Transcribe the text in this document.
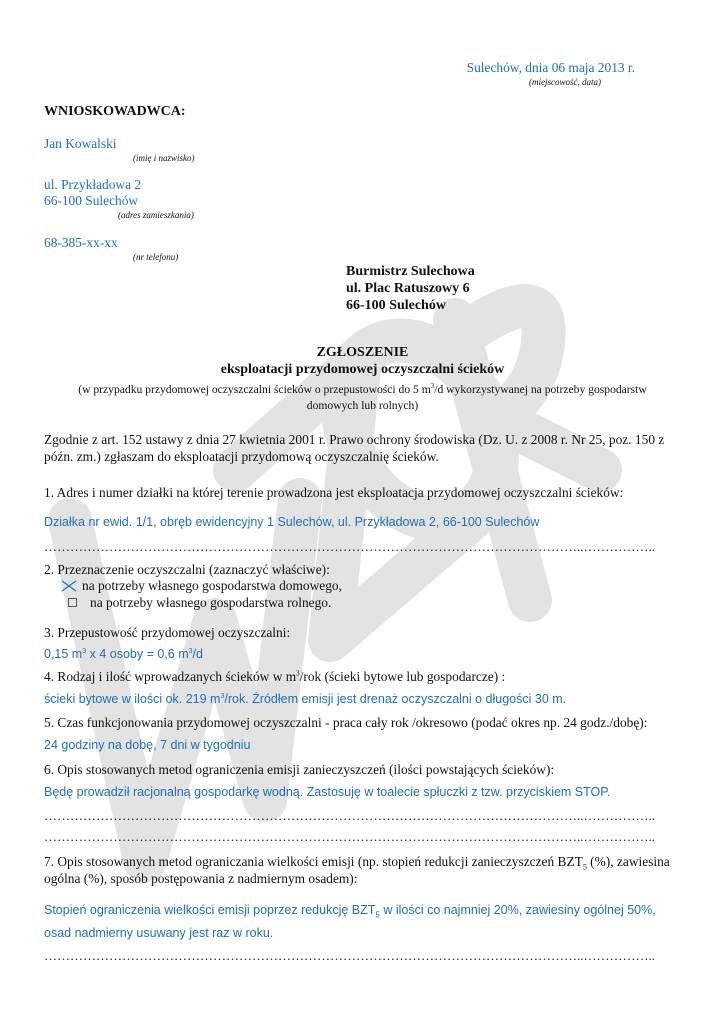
Sulechów, dnia 06 maja 2013 r.
(miejscowość, data)
WNIOSKOWADWCA:
Jan Kowalski
(imię i nazwisko)
ul. Przykładowa 2
66-100 Sulechów
(adres zamieszkania)
68-385-xx-xx
(nr telefonu)
Burmistrz Sulechowa
ul. Plac Ratuszowy 6
66-100 Sulechów
ZGŁOSZENIE
eksploatacji przydomowej oczyszczalni ścieków
(w przypadku przydomowej oczyszczalni ścieków o przepustowości do 5 $m^3/d$ wykorzystywanej na potrzeby gospodarstw
domowych lub rolnych)
Zgodnie z art. 152 ustawy z dnia 27 kwietnia 2001 r. Prawo ochrony środowiska (Dz. U. z 2008 r. Nr 25, poz. 150 z
późn. zm.) zgłaszam do eksploatacji przydomową oczyszczalnię ścieków.
1. Adres i numer działki na której terenie prowadzona jest eksploatacja przydomowej oczyszczalni ścieków:
Działka nr ewid. 1/1, obręb ewidencyjny 1 Sulechów, ul. Przykładowa 2, 66-100 Sulechów
……………………………………………………………………………………………………………..……………..
2. Przeznaczenie oczyszczalni (zaznaczyć właściwe):
na potrzeby własnego gospodarstwa domowego,
na potrzeby własnego gospodarstwa rolnego.
3. Przepustowość przydomowej oczyszczalni:
0,15 $m^3$ x 4 osoby = 0,6 $m^3/d$
4. Rodzaj i ilość wprowadzanych ścieków w $m^3$/rok (ścieki bytowe lub gospodarcze) :
ścieki bytowe w ilości ok. 219 $m^3$/rok. Źródłem emisji jest drenaż oczyszczalni o długości 30 m.
5. Czas funkcjonowania przydomowej oczyszczalni - praca cały rok /okresowo (podać okres np. 24 godz./dobę):
24 godziny na dobę, 7 dni w tygodniu
6. Opis stosowanych metod ograniczenia emisji zanieczyszczeń (ilości powstających ścieków):
Będę prowadził racjonalną gospodarkę wodną. Zastosuję w toalecie spłuczki z tzw. przyciskiem STOP.
……………………………………………………………………………………………………………..……………..
……………………………………………………………………………………………………………..……………..
7. Opis stosowanych metod ograniczania wielkości emisji (np. stopień redukcji zanieczyszczeń $BZT_5$ (%), zawiesina
ogólna (%), sposób postępowania z nadmiernym osadem):
Stopień ograniczenia wielkości emisji poprzez redukcję $BZT_5$ w ilości co najmniej 20%, zawiesiny ogólnej 50%,
osad nadmierny usuwany jest raz w roku.
……………………………………………………………………………………………………………..……………..
